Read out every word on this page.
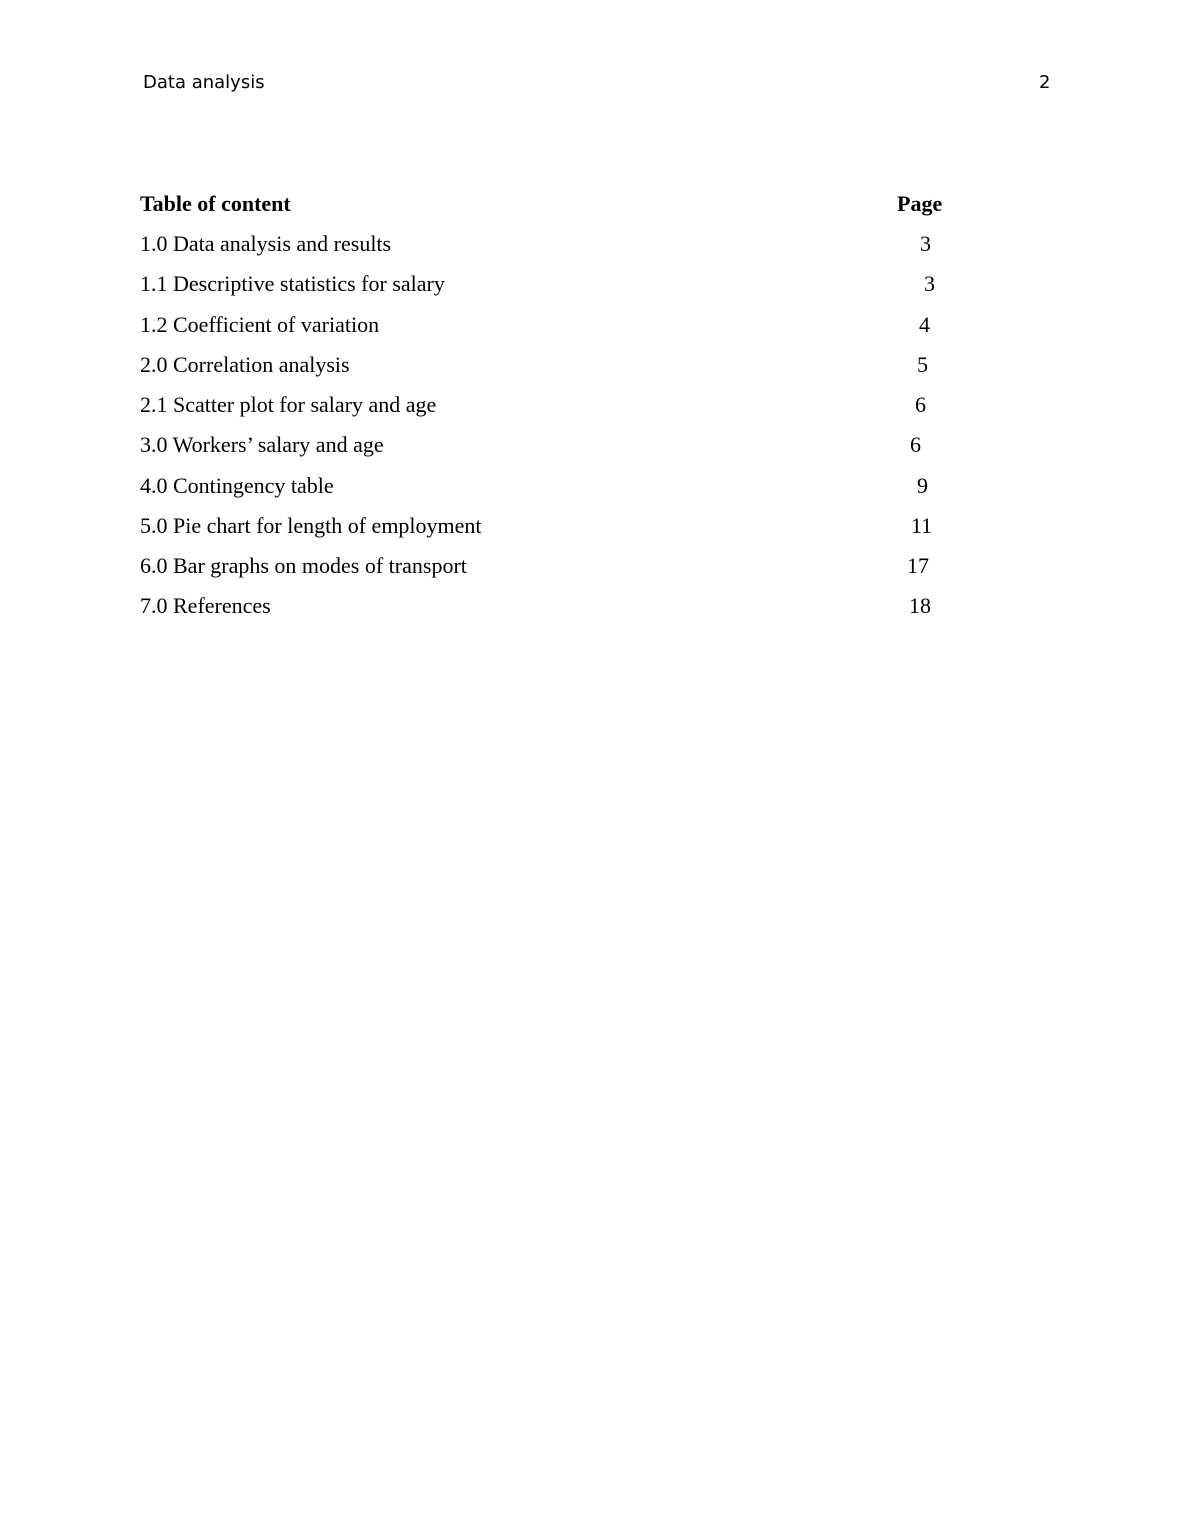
Data analysis	2
Table of content	Page
1.0 Data analysis and results	3
1.1 Descriptive statistics for salary	3
1.2 Coefficient of variation	4
2.0 Correlation analysis	5
2.1 Scatter plot for salary and age	6
3.0 Workers’ salary and age	6
4.0 Contingency table	9
5.0 Pie chart for length of employment	11
6.0 Bar graphs on modes of transport	17
7.0 References	18
